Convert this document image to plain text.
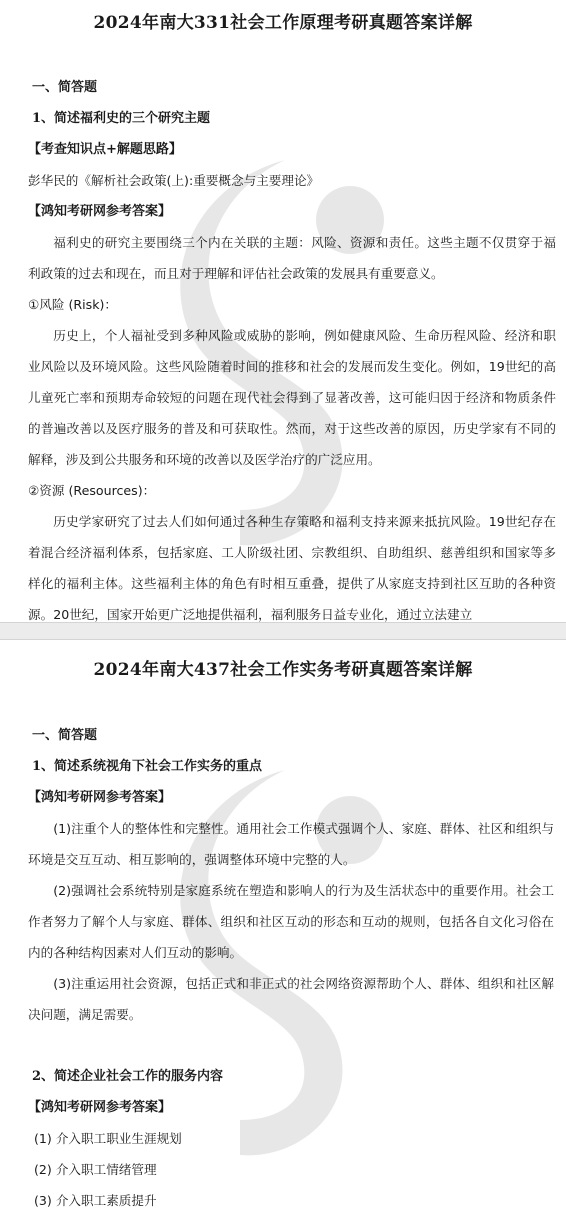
2024年南大331社会工作原理考研真题答案详解
一、简答题
1、简述福利史的三个研究主题
【考查知识点+解题思路】
彭华民的《解析社会政策(上):重要概念与主要理论》
【鸿知考研网参考答案】
福利史的研究主要围绕三个内在关联的主题：风险、资源和责任。这些主题不仅贯穿于福利政策的过去和现在，而且对于理解和评估社会政策的发展具有重要意义。
①风险 (Risk)：
历史上，个人福祉受到多种风险或威胁的影响，例如健康风险、生命历程风险、经济和职业风险以及环境风险。这些风险随着时间的推移和社会的发展而发生变化。例如，19世纪的高儿童死亡率和预期寿命较短的问题在现代社会得到了显著改善，这可能归因于经济和物质条件的普遍改善以及医疗服务的普及和可获取性。然而，对于这些改善的原因，历史学家有不同的解释，涉及到公共服务和环境的改善以及医学治疗的广泛应用。
②资源 (Resources)：
历史学家研究了过去人们如何通过各种生存策略和福利支持来源来抵抗风险。19世纪存在着混合经济福利体系，包括家庭、工人阶级社团、宗教组织、自助组织、慈善组织和国家等多样化的福利主体。这些福利主体的角色有时相互重叠，提供了从家庭支持到社区互助的各种资源。20世纪，国家开始更广泛地提供福利，福利服务日益专业化，通过立法建立
2024年南大437社会工作实务考研真题答案详解
一、简答题
1、简述系统视角下社会工作实务的重点
【鸿知考研网参考答案】
(1)注重个人的整体性和完整性。通用社会工作模式强调个人、家庭、群体、社区和组织与环境是交互互动、相互影响的，强调整体环境中完整的人。
(2)强调社会系统特别是家庭系统在塑造和影响人的行为及生活状态中的重要作用。社会工作者努力了解个人与家庭、群体、组织和社区互动的形态和互动的规则，包括各自文化习俗在内的各种结构因素对人们互动的影响。
(3)注重运用社会资源，包括正式和非正式的社会网络资源帮助个人、群体、组织和社区解决问题，满足需要。
2、简述企业社会工作的服务内容
【鸿知考研网参考答案】
(1) 介入职工职业生涯规划
(2) 介入职工情绪管理
(3) 介入职工素质提升
